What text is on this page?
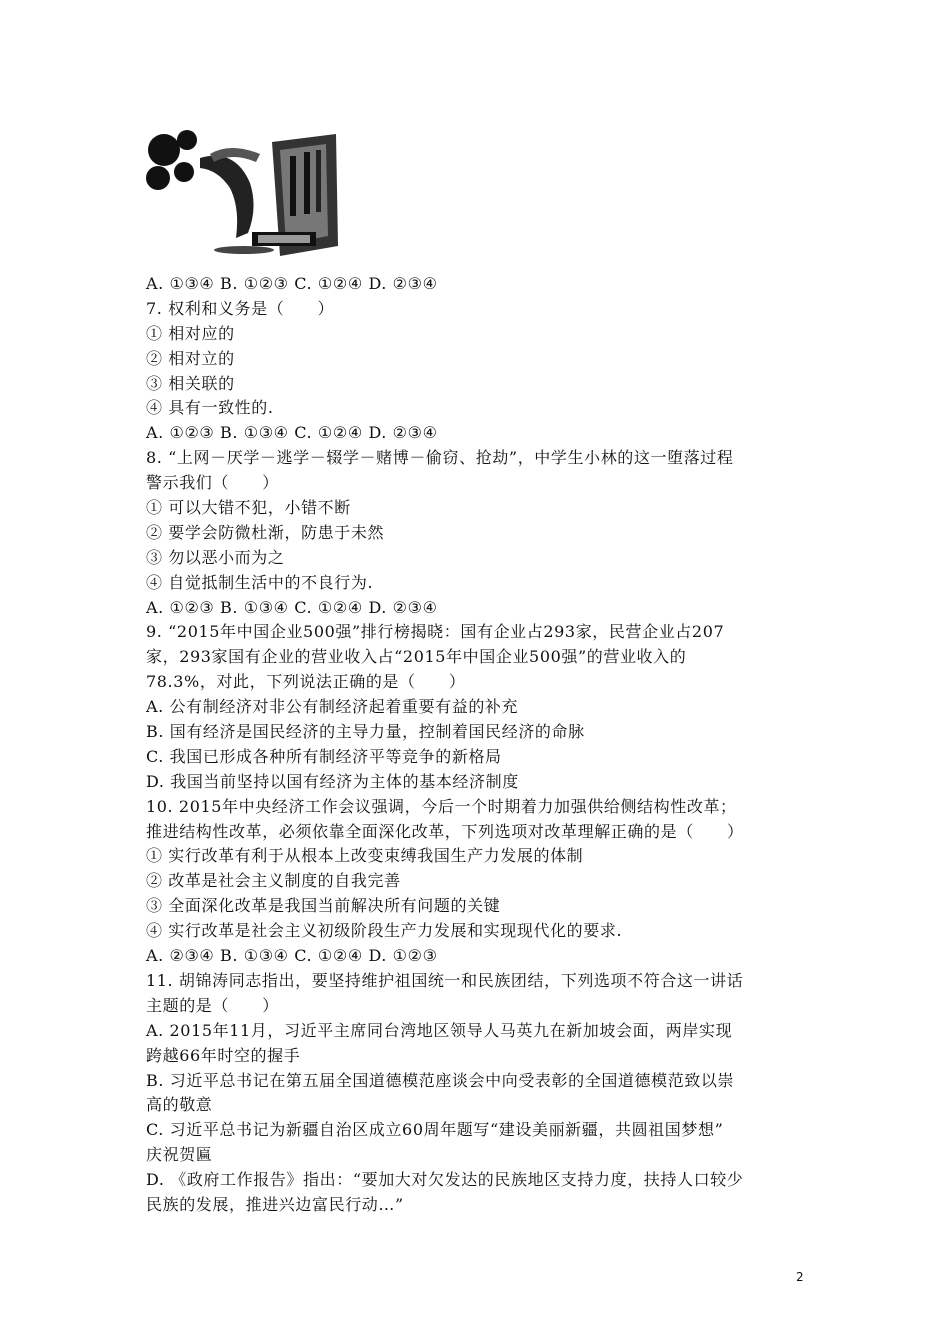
A. ①③④ B. ①②③ C. ①②④ D. ②③④
7. 权利和义务是（　　）
① 相对应的
② 相对立的
③ 相关联的
④ 具有一致性的.
A. ①②③ B. ①③④ C. ①②④ D. ②③④
8. “上网－厌学－逃学－辍学－赌博－偷窃、抢劫”，中学生小林的这一堕落过程
警示我们（　　）
① 可以大错不犯，小错不断
② 要学会防微杜渐，防患于未然
③ 勿以恶小而为之
④ 自觉抵制生活中的不良行为.
A. ①②③ B. ①③④ C. ①②④ D. ②③④
9. “2015年中国企业500强”排行榜揭晓：国有企业占293家，民营企业占207
家，293家国有企业的营业收入占“2015年中国企业500强”的营业收入的
78.3%，对此，下列说法正确的是（　　）
A. 公有制经济对非公有制经济起着重要有益的补充
B. 国有经济是国民经济的主导力量，控制着国民经济的命脉
C. 我国已形成各种所有制经济平等竞争的新格局
D. 我国当前坚持以国有经济为主体的基本经济制度
10. 2015年中央经济工作会议强调，今后一个时期着力加强供给侧结构性改革；
推进结构性改革，必须依靠全面深化改革，下列选项对改革理解正确的是（　　）
① 实行改革有利于从根本上改变束缚我国生产力发展的体制
② 改革是社会主义制度的自我完善
③ 全面深化改革是我国当前解决所有问题的关键
④ 实行改革是社会主义初级阶段生产力发展和实现现代化的要求.
A. ②③④ B. ①③④ C. ①②④ D. ①②③
11. 胡锦涛同志指出，要坚持维护祖国统一和民族团结，下列选项不符合这一讲话
主题的是（　　）
A. 2015年11月，习近平主席同台湾地区领导人马英九在新加坡会面，两岸实现
跨越66年时空的握手
B. 习近平总书记在第五届全国道德模范座谈会中向受表彰的全国道德模范致以崇
高的敬意
C. 习近平总书记为新疆自治区成立60周年题写“建设美丽新疆，共圆祖国梦想”
庆祝贺匾
D. 《政府工作报告》指出：“要加大对欠发达的民族地区支持力度，扶持人口较少
民族的发展，推进兴边富民行动…”
2
